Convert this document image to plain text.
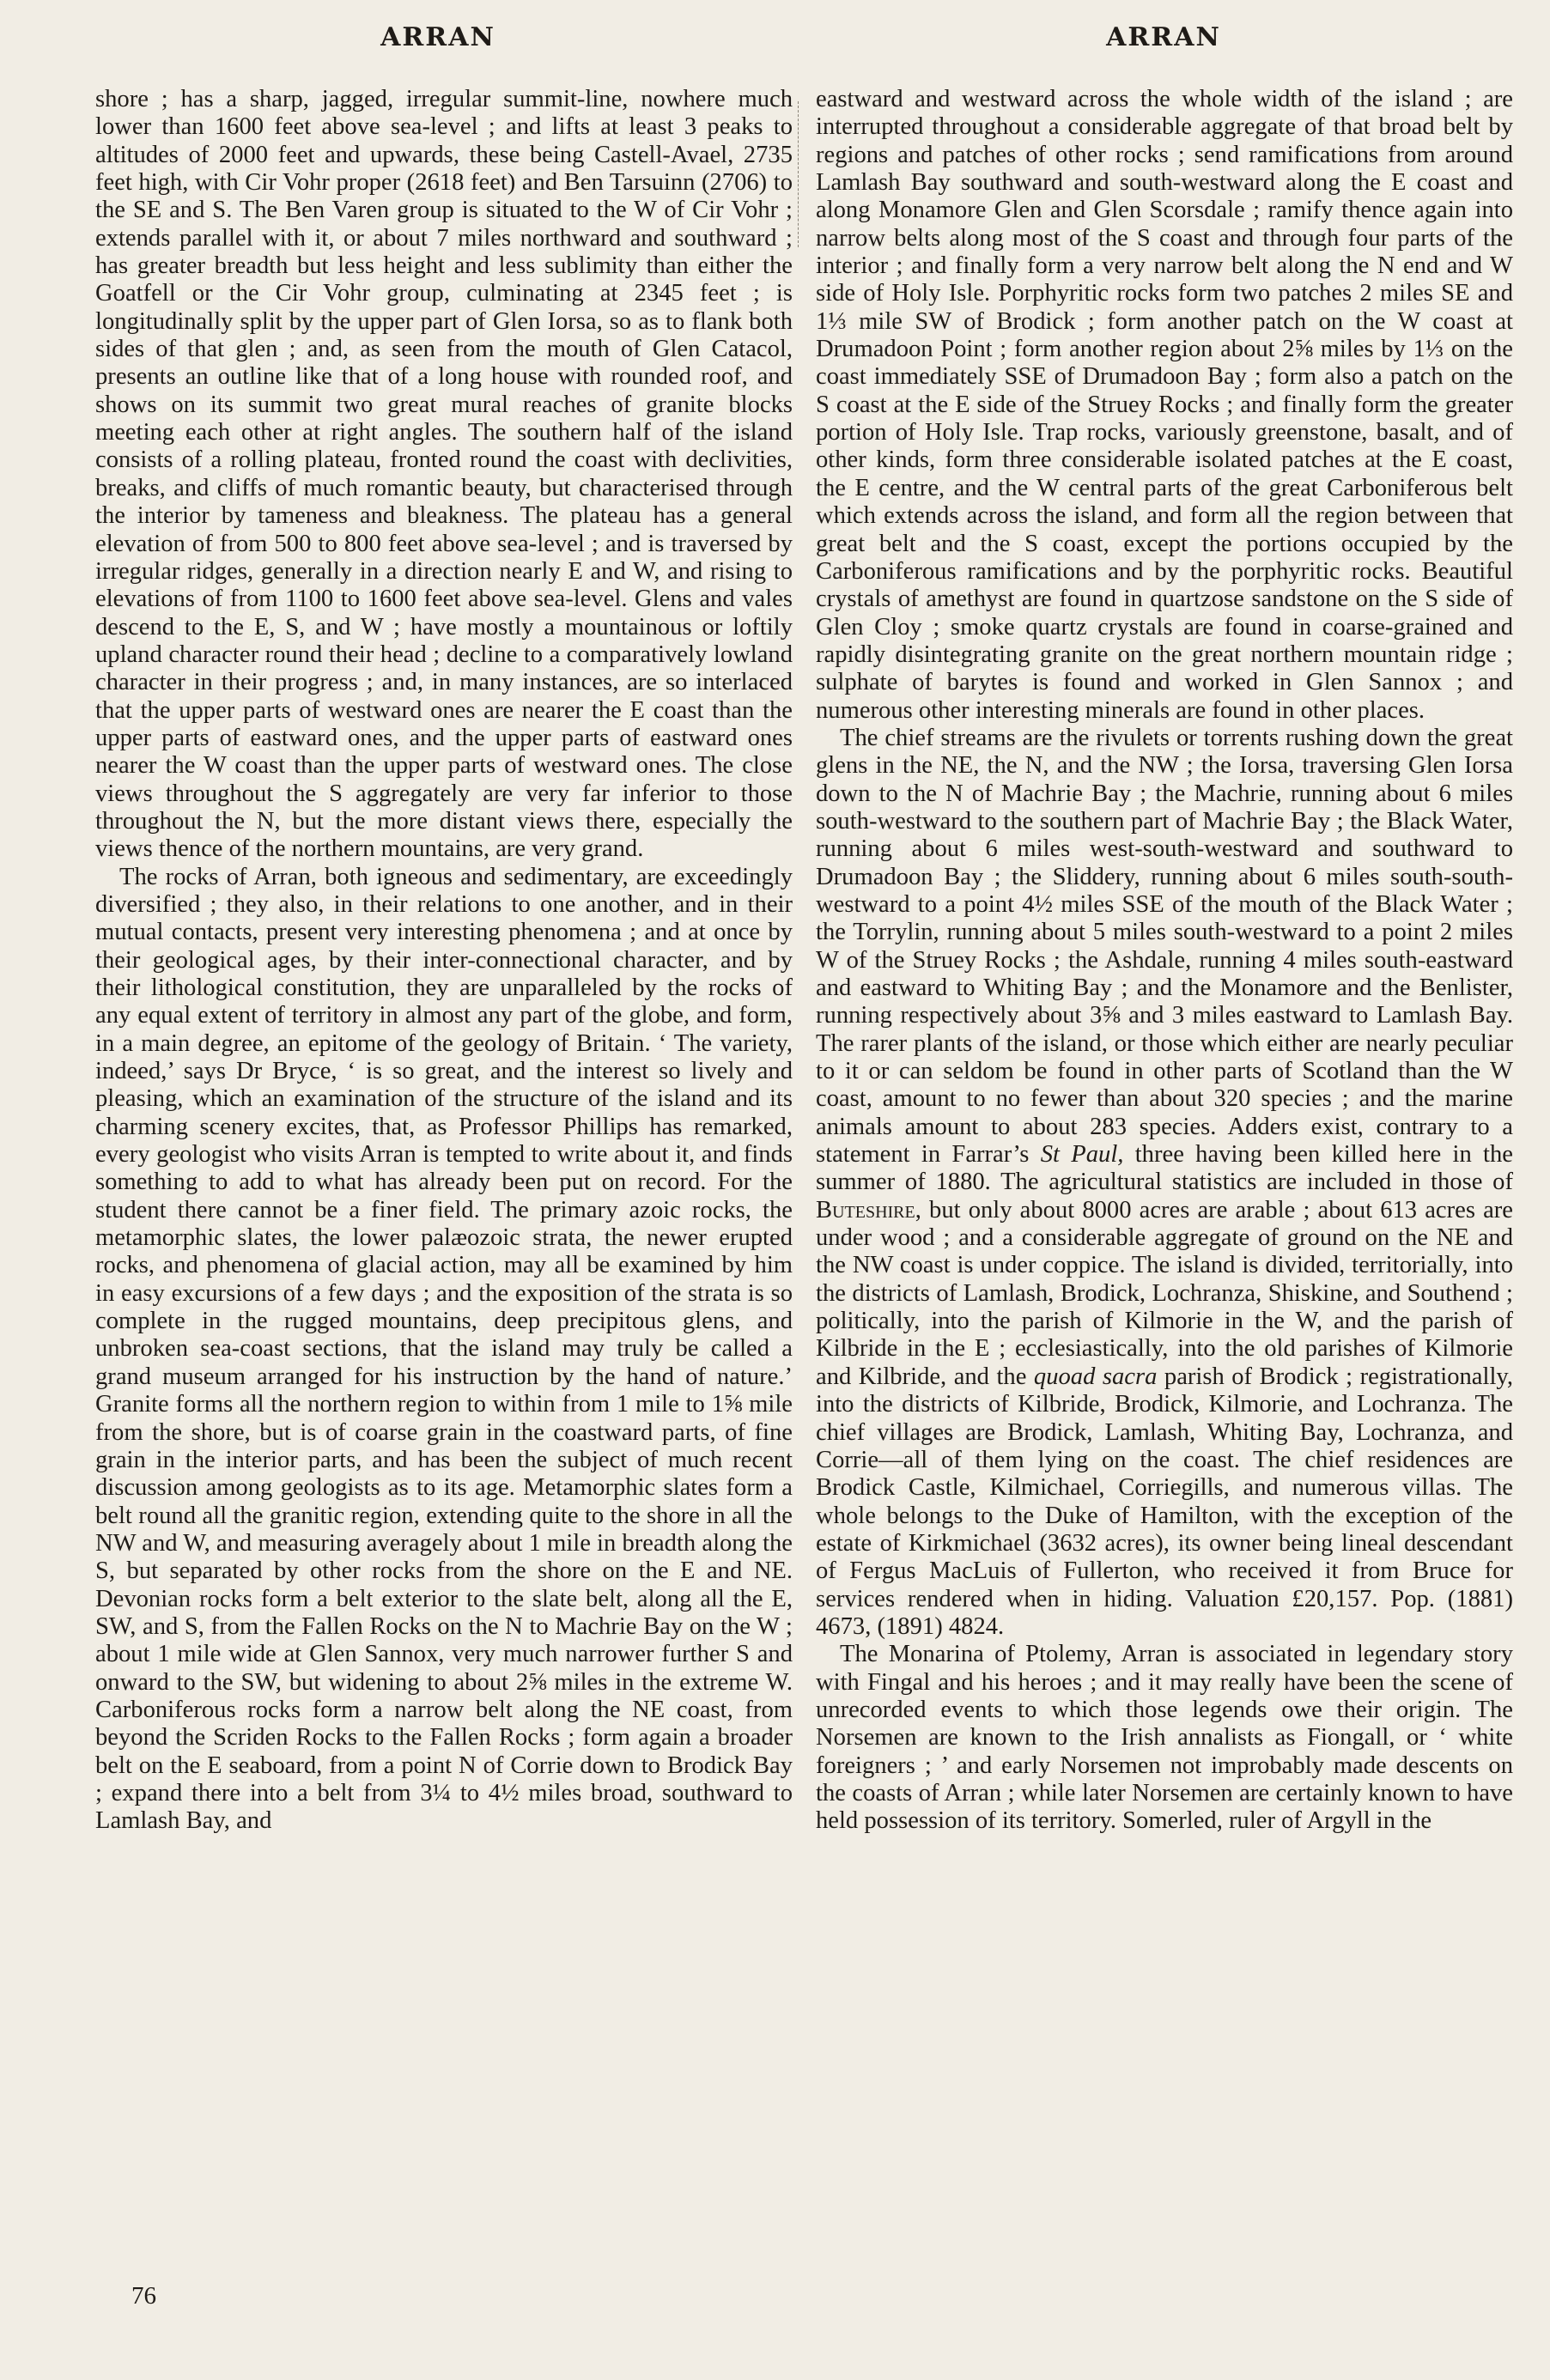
ARRAN	ARRAN

shore ; has a sharp, jagged, irregular summit-line, nowhere much lower than 1600 feet above sea-level ; and lifts at least 3 peaks to altitudes of 2000 feet and upwards, these being Castell-Avael, 2735 feet high, with Cir Vohr proper (2618 feet) and Ben Tarsuinn (2706) to the SE and S. The Ben Varen group is situated to the W of Cir Vohr ; extends parallel with it, or about 7 miles northward and southward ; has greater breadth but less height and less sublimity than either the Goatfell or the Cir Vohr group, culminating at 2345 feet ; is longitudinally split by the upper part of Glen Iorsa, so as to flank both sides of that glen ; and, as seen from the mouth of Glen Catacol, presents an outline like that of a long house with rounded roof, and shows on its summit two great mural reaches of granite blocks meeting each other at right angles. The southern half of the island consists of a rolling plateau, fronted round the coast with declivities, breaks, and cliffs of much romantic beauty, but characterised through the interior by tameness and bleakness. The plateau has a general elevation of from 500 to 800 feet above sea-level ; and is traversed by irregular ridges, generally in a direction nearly E and W, and rising to elevations of from 1100 to 1600 feet above sea-level. Glens and vales descend to the E, S, and W ; have mostly a mountainous or loftily upland character round their head ; decline to a comparatively lowland character in their progress ; and, in many instances, are so interlaced that the upper parts of westward ones are nearer the E coast than the upper parts of eastward ones, and the upper parts of eastward ones nearer the W coast than the upper parts of westward ones. The close views throughout the S aggregately are very far inferior to those throughout the N, but the more distant views there, especially the views thence of the northern mountains, are very grand.

The rocks of Arran, both igneous and sedimentary, are exceedingly diversified ; they also, in their relations to one another, and in their mutual contacts, present very interesting phenomena ; and at once by their geological ages, by their inter-connectional character, and by their lithological constitution, they are unparalleled by the rocks of any equal extent of territory in almost any part of the globe, and form, in a main degree, an epitome of the geology of Britain. ‘ The variety, indeed,’ says Dr Bryce, ‘ is so great, and the interest so lively and pleasing, which an examination of the structure of the island and its charming scenery excites, that, as Professor Phillips has remarked, every geologist who visits Arran is tempted to write about it, and finds something to add to what has already been put on record. For the student there cannot be a finer field. The primary azoic rocks, the metamorphic slates, the lower palæozoic strata, the newer erupted rocks, and phenomena of glacial action, may all be examined by him in easy excursions of a few days ; and the exposition of the strata is so complete in the rugged mountains, deep precipitous glens, and unbroken sea-coast sections, that the island may truly be called a grand museum arranged for his instruction by the hand of nature.’ Granite forms all the northern region to within from 1 mile to 1⅝ mile from the shore, but is of coarse grain in the coastward parts, of fine grain in the interior parts, and has been the subject of much recent discussion among geologists as to its age. Metamorphic slates form a belt round all the granitic region, extending quite to the shore in all the NW and W, and measuring averagely about 1 mile in breadth along the S, but separated by other rocks from the shore on the E and NE. Devonian rocks form a belt exterior to the slate belt, along all the E, SW, and S, from the Fallen Rocks on the N to Machrie Bay on the W ; about 1 mile wide at Glen Sannox, very much narrower further S and onward to the SW, but widening to about 2⅝ miles in the extreme W. Carboniferous rocks form a narrow belt along the NE coast, from beyond the Scriden Rocks to the Fallen Rocks ; form again a broader belt on the E seaboard, from a point N of Corrie down to Brodick Bay ; expand there into a belt from 3¼ to 4½ miles broad, southward to Lamlash Bay, and

eastward and westward across the whole width of the island ; are interrupted throughout a considerable aggregate of that broad belt by regions and patches of other rocks ; send ramifications from around Lamlash Bay southward and south-westward along the E coast and along Monamore Glen and Glen Scorsdale ; ramify thence again into narrow belts along most of the S coast and through four parts of the interior ; and finally form a very narrow belt along the N end and W side of Holy Isle. Porphyritic rocks form two patches 2 miles SE and 1⅓ mile SW of Brodick ; form another patch on the W coast at Drumadoon Point ; form another region about 2⅝ miles by 1⅓ on the coast immediately SSE of Drumadoon Bay ; form also a patch on the S coast at the E side of the Struey Rocks ; and finally form the greater portion of Holy Isle. Trap rocks, variously greenstone, basalt, and of other kinds, form three considerable isolated patches at the E coast, the E centre, and the W central parts of the great Carboniferous belt which extends across the island, and form all the region between that great belt and the S coast, except the portions occupied by the Carboniferous ramifications and by the porphyritic rocks. Beautiful crystals of amethyst are found in quartzose sandstone on the S side of Glen Cloy ; smoke quartz crystals are found in coarse-grained and rapidly disintegrating granite on the great northern mountain ridge ; sulphate of barytes is found and worked in Glen Sannox ; and numerous other interesting minerals are found in other places.

The chief streams are the rivulets or torrents rushing down the great glens in the NE, the N, and the NW ; the Iorsa, traversing Glen Iorsa down to the N of Machrie Bay ; the Machrie, running about 6 miles south-westward to the southern part of Machrie Bay ; the Black Water, running about 6 miles west-south-westward and southward to Drumadoon Bay ; the Sliddery, running about 6 miles south-south-westward to a point 4½ miles SSE of the mouth of the Black Water ; the Torrylin, running about 5 miles south-westward to a point 2 miles W of the Struey Rocks ; the Ashdale, running 4 miles south-eastward and eastward to Whiting Bay ; and the Monamore and the Benlister, running respectively about 3⅝ and 3 miles eastward to Lamlash Bay. The rarer plants of the island, or those which either are nearly peculiar to it or can seldom be found in other parts of Scotland than the W coast, amount to no fewer than about 320 species ; and the marine animals amount to about 283 species. Adders exist, contrary to a statement in Farrar’s St Paul, three having been killed here in the summer of 1880. The agricultural statistics are included in those of Buteshire, but only about 8000 acres are arable ; about 613 acres are under wood ; and a considerable aggregate of ground on the NE and the NW coast is under coppice. The island is divided, territorially, into the districts of Lamlash, Brodick, Lochranza, Shiskine, and Southend ; politically, into the parish of Kilmorie in the W, and the parish of Kilbride in the E ; ecclesiastically, into the old parishes of Kilmorie and Kilbride, and the quoad sacra parish of Brodick ; registrationally, into the districts of Kilbride, Brodick, Kilmorie, and Lochranza. The chief villages are Brodick, Lamlash, Whiting Bay, Lochranza, and Corrie—all of them lying on the coast. The chief residences are Brodick Castle, Kilmichael, Corriegills, and numerous villas. The whole belongs to the Duke of Hamilton, with the exception of the estate of Kirkmichael (3632 acres), its owner being lineal descendant of Fergus MacLuis of Fullerton, who received it from Bruce for services rendered when in hiding. Valuation £20,157. Pop. (1881) 4673, (1891) 4824.

The Monarina of Ptolemy, Arran is associated in legendary story with Fingal and his heroes ; and it may really have been the scene of unrecorded events to which those legends owe their origin. The Norsemen are known to the Irish annalists as Fiongall, or ‘ white foreigners ; ’ and early Norsemen not improbably made descents on the coasts of Arran ; while later Norsemen are certainly known to have held possession of its territory. Somerled, ruler of Argyll in the

76
